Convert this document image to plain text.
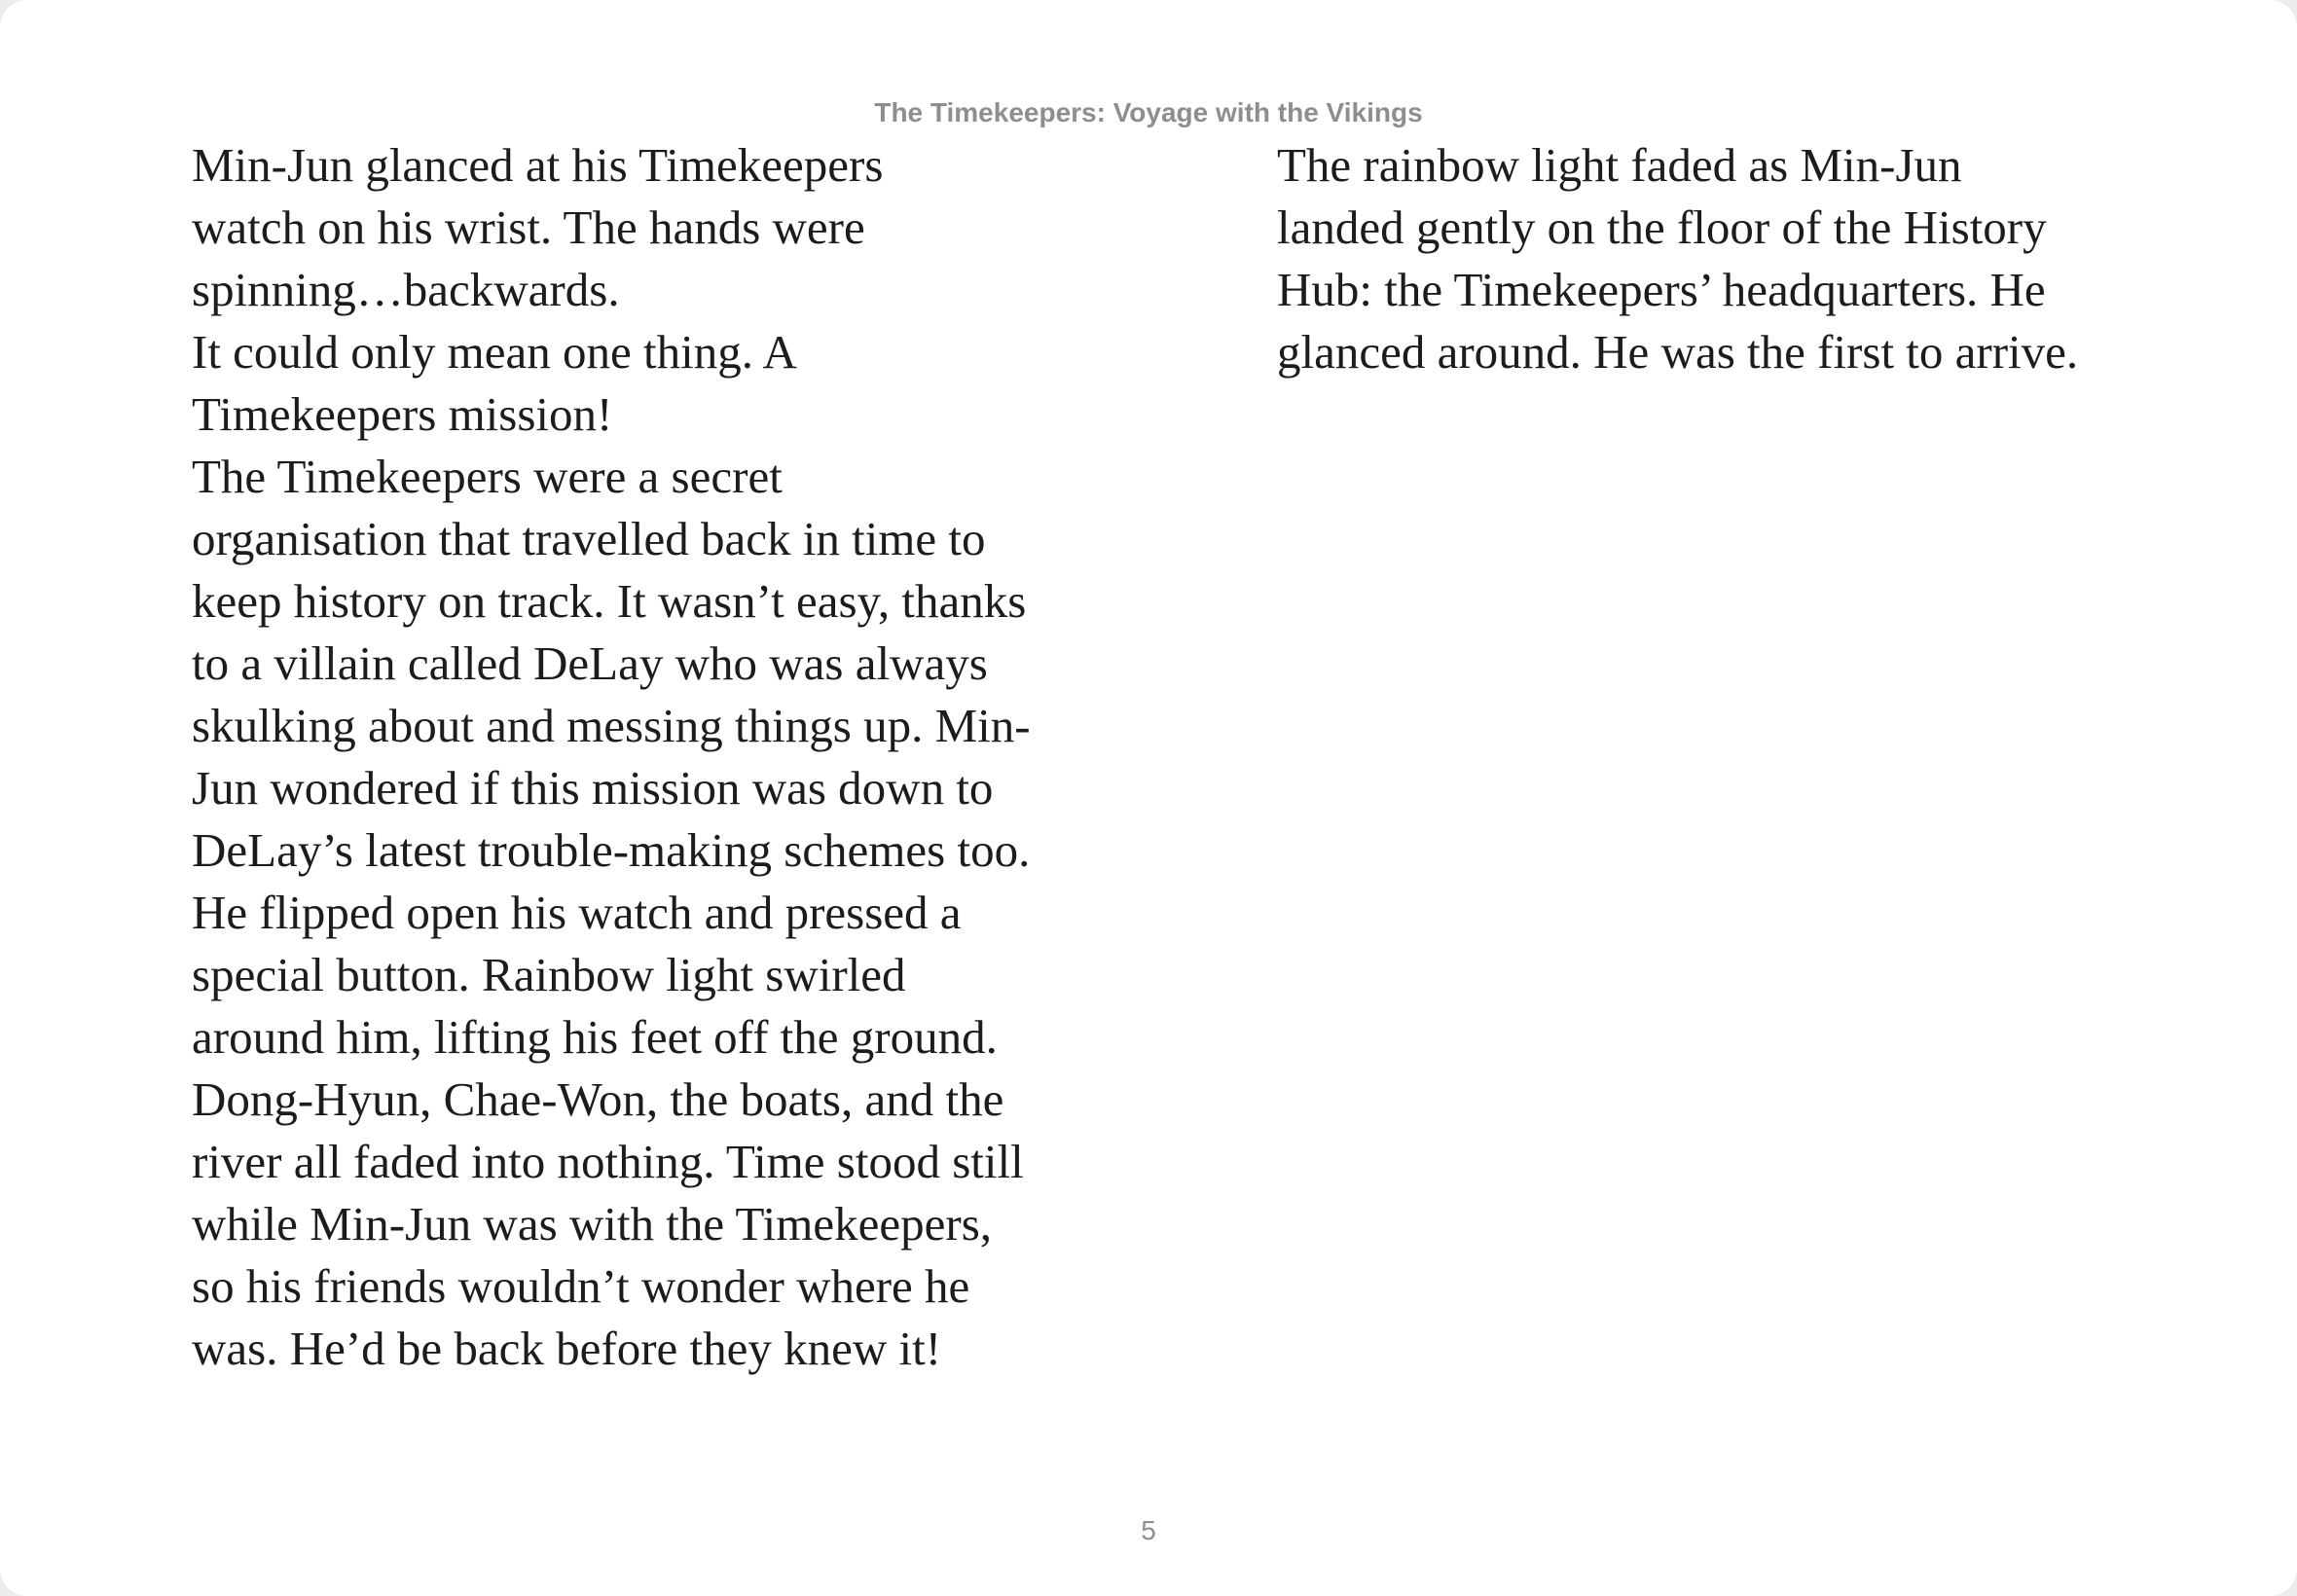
The Timekeepers: Voyage with the Vikings

Min-Jun glanced at his Timekeepers
watch on his wrist. The hands were
spinning…backwards.

It could only mean one thing. A
Timekeepers mission!

The Timekeepers were a secret
organisation that travelled back in time to
keep history on track. It wasn’t easy, thanks
to a villain called DeLay who was always
skulking about and messing things up. Min-
Jun wondered if this mission was down to
DeLay’s latest trouble-making schemes too.

He flipped open his watch and pressed a
special button. Rainbow light swirled
around him, lifting his feet off the ground.
Dong-Hyun, Chae-Won, the boats, and the
river all faded into nothing. Time stood still
while Min-Jun was with the Timekeepers,
so his friends wouldn’t wonder where he
was. He’d be back before they knew it!

The rainbow light faded as Min-Jun
landed gently on the floor of the History
Hub: the Timekeepers’ headquarters. He
glanced around. He was the first to arrive.

5
